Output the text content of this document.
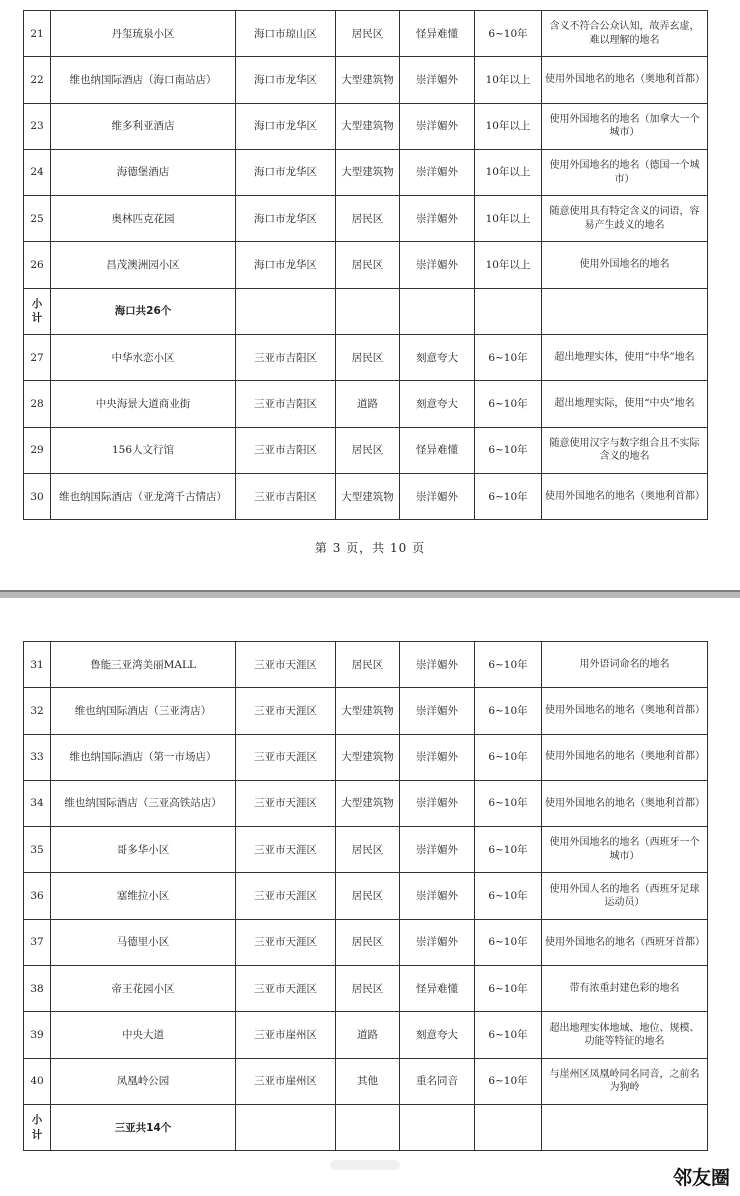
21	丹玺琉泉小区	海口市琼山区	居民区	怪异难懂	6~10年	含义不符合公众认知，故弄玄虚，难以理解的地名
22	维也纳国际酒店（海口南站店）	海口市龙华区	大型建筑物	崇洋媚外	10年以上	使用外国地名的地名（奥地利首都）
23	维多利亚酒店	海口市龙华区	大型建筑物	崇洋媚外	10年以上	使用外国地名的地名（加拿大一个城市）
24	海德堡酒店	海口市龙华区	大型建筑物	崇洋媚外	10年以上	使用外国地名的地名（德国一个城市）
25	奥林匹克花园	海口市龙华区	居民区	崇洋媚外	10年以上	随意使用具有特定含义的词语，容易产生歧义的地名
26	昌茂澳洲园小区	海口市龙华区	居民区	崇洋媚外	10年以上	使用外国地名的地名
小计	海口共26个					
27	中华水恋小区	三亚市吉阳区	居民区	刻意夸大	6~10年	超出地理实体，使用“中华”地名
28	中央海景大道商业街	三亚市吉阳区	道路	刻意夸大	6~10年	超出地理实际，使用“中央”地名
29	156人文行馆	三亚市吉阳区	居民区	怪异难懂	6~10年	随意使用汉字与数字组合且不实际含义的地名
30	维也纳国际酒店（亚龙湾千古情店）	三亚市吉阳区	大型建筑物	崇洋媚外	6~10年	使用外国地名的地名（奥地利首都）
第 3 页，共 10 页
31	鲁能三亚湾美丽MALL	三亚市天涯区	居民区	崇洋媚外	6~10年	用外语词命名的地名
32	维也纳国际酒店（三亚湾店）	三亚市天涯区	大型建筑物	崇洋媚外	6~10年	使用外国地名的地名（奥地利首都）
33	维也纳国际酒店（第一市场店）	三亚市天涯区	大型建筑物	崇洋媚外	6~10年	使用外国地名的地名（奥地利首都）
34	维也纳国际酒店（三亚高铁站店）	三亚市天涯区	大型建筑物	崇洋媚外	6~10年	使用外国地名的地名（奥地利首都）
35	哥多华小区	三亚市天涯区	居民区	崇洋媚外	6~10年	使用外国地名的地名（西班牙一个城市）
36	塞维拉小区	三亚市天涯区	居民区	崇洋媚外	6~10年	使用外国人名的地名（西班牙足球运动员）
37	马德里小区	三亚市天涯区	居民区	崇洋媚外	6~10年	使用外国地名的地名（西班牙首都）
38	帝王花园小区	三亚市天涯区	居民区	怪异难懂	6~10年	带有浓重封建色彩的地名
39	中央大道	三亚市崖州区	道路	刻意夸大	6~10年	超出地理实体地域、地位、规模、功能等特征的地名
40	凤凰岭公园	三亚市崖州区	其他	重名同音	6~10年	与崖州区凤凰岭同名同音，之前名为狗岭
小计	三亚共14个					
邻友圈
